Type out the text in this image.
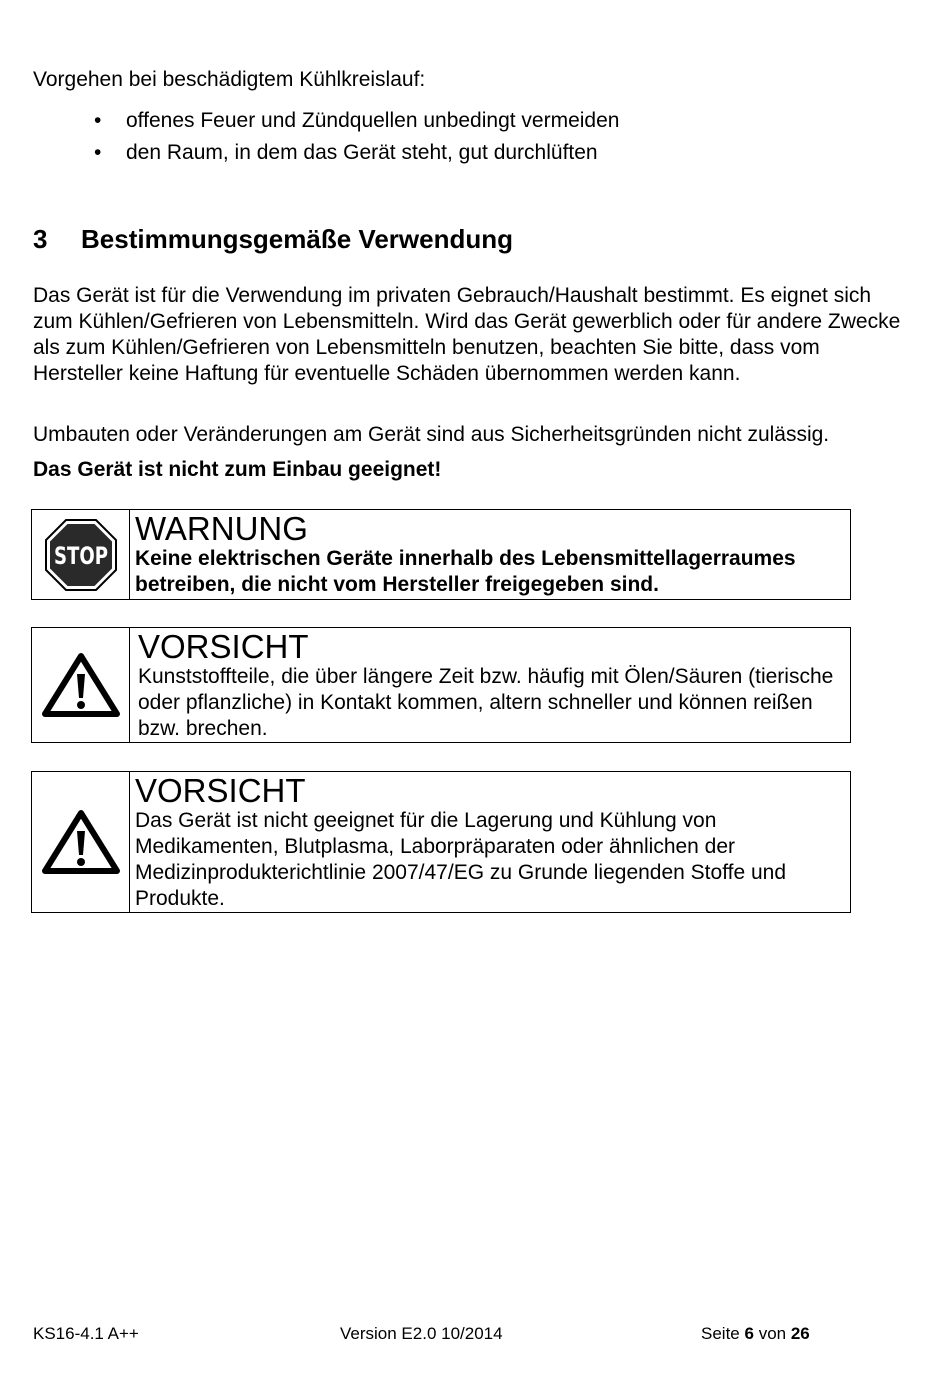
Vorgehen bei beschädigtem Kühlkreislauf:

• offenes Feuer und Zündquellen unbedingt vermeiden
• den Raum, in dem das Gerät steht, gut durchlüften
3 Bestimmungsgemäße Verwendung

Das Gerät ist für die Verwendung im privaten Gebrauch/Haushalt bestimmt. Es eignet sich zum Kühlen/Gefrieren von Lebensmitteln. Wird das Gerät gewerblich oder für andere Zwecke als zum Kühlen/Gefrieren von Lebensmitteln benutzen, beachten Sie bitte, dass vom Hersteller keine Haftung für eventuelle Schäden übernommen werden kann.

Umbauten oder Veränderungen am Gerät sind aus Sicherheitsgründen nicht zulässig.

Das Gerät ist nicht zum Einbau geeignet!

STOP

WARNUNG

Keine elektrischen Geräte innerhalb des Lebensmittellagerraumes betreiben, die nicht vom Hersteller freigegeben sind.

VORSICHT

Kunststoffteile, die über längere Zeit bzw. häufig mit Ölen/Säuren (tierische oder pflanzliche) in Kontakt kommen, altern schneller und können reißen bzw. brechen.

VORSICHT

Das Gerät ist nicht geeignet für die Lagerung und Kühlung von Medikamenten, Blutplasma, Laborpräparaten oder ähnlichen der Medizinprodukterichtlinie 2007/47/EG zu Grunde liegenden Stoffe und Produkte.

KS16-4.1 A++	Version E2.0 10/2014	Seite 6 von 26
